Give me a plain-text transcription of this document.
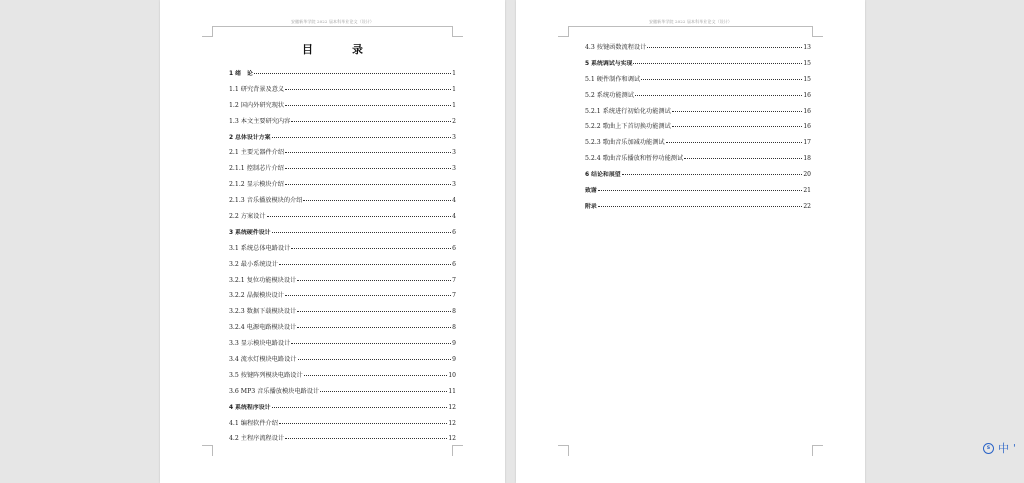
安徽新华学院 2022 届本科毕业论文（设计）
目　录
1 绪　论	1
1.1 研究背景及意义	1
1.2 国内外研究现状	1
1.3 本文主要研究内容	2
2 总体设计方案	3
2.1 主要元器件介绍	3
2.1.1 控制芯片介绍	3
2.1.2 显示模块介绍	3
2.1.3 音乐播放模块的介绍	4
2.2 方案设计	4
3 系统硬件设计	6
3.1 系统总体电路设计	6
3.2 最小系统设计	6
3.2.1 复位功能模块设计	7
3.2.2 晶振模块设计	7
3.2.3 数据下载模块设计	8
3.2.4 电源电路模块设计	8
3.3 显示模块电路设计	9
3.4 流水灯模块电路设计	9
3.5 按键阵列模块电路设计	10
3.6 MP3 音乐播放模块电路设计	11
4 系统程序设计	12
4.1 编程软件介绍	12
4.2 主程序流程设计	12
安徽新华学院 2022 届本科毕业论文（设计）
4.3 按键函数流程设计	13
5 系统调试与实现	15
5.1 硬件制作和调试	15
5.2 系统功能测试	16
5.2.1 系统进行初始化功能测试	16
5.2.2 歌曲上下首切换功能测试	16
5.2.3 歌曲音乐加减功能测试	17
5.2.4 歌曲音乐播放和暂停功能测试	18
6 结论和展望	20
致谢	21
附录	22
S 中 '
